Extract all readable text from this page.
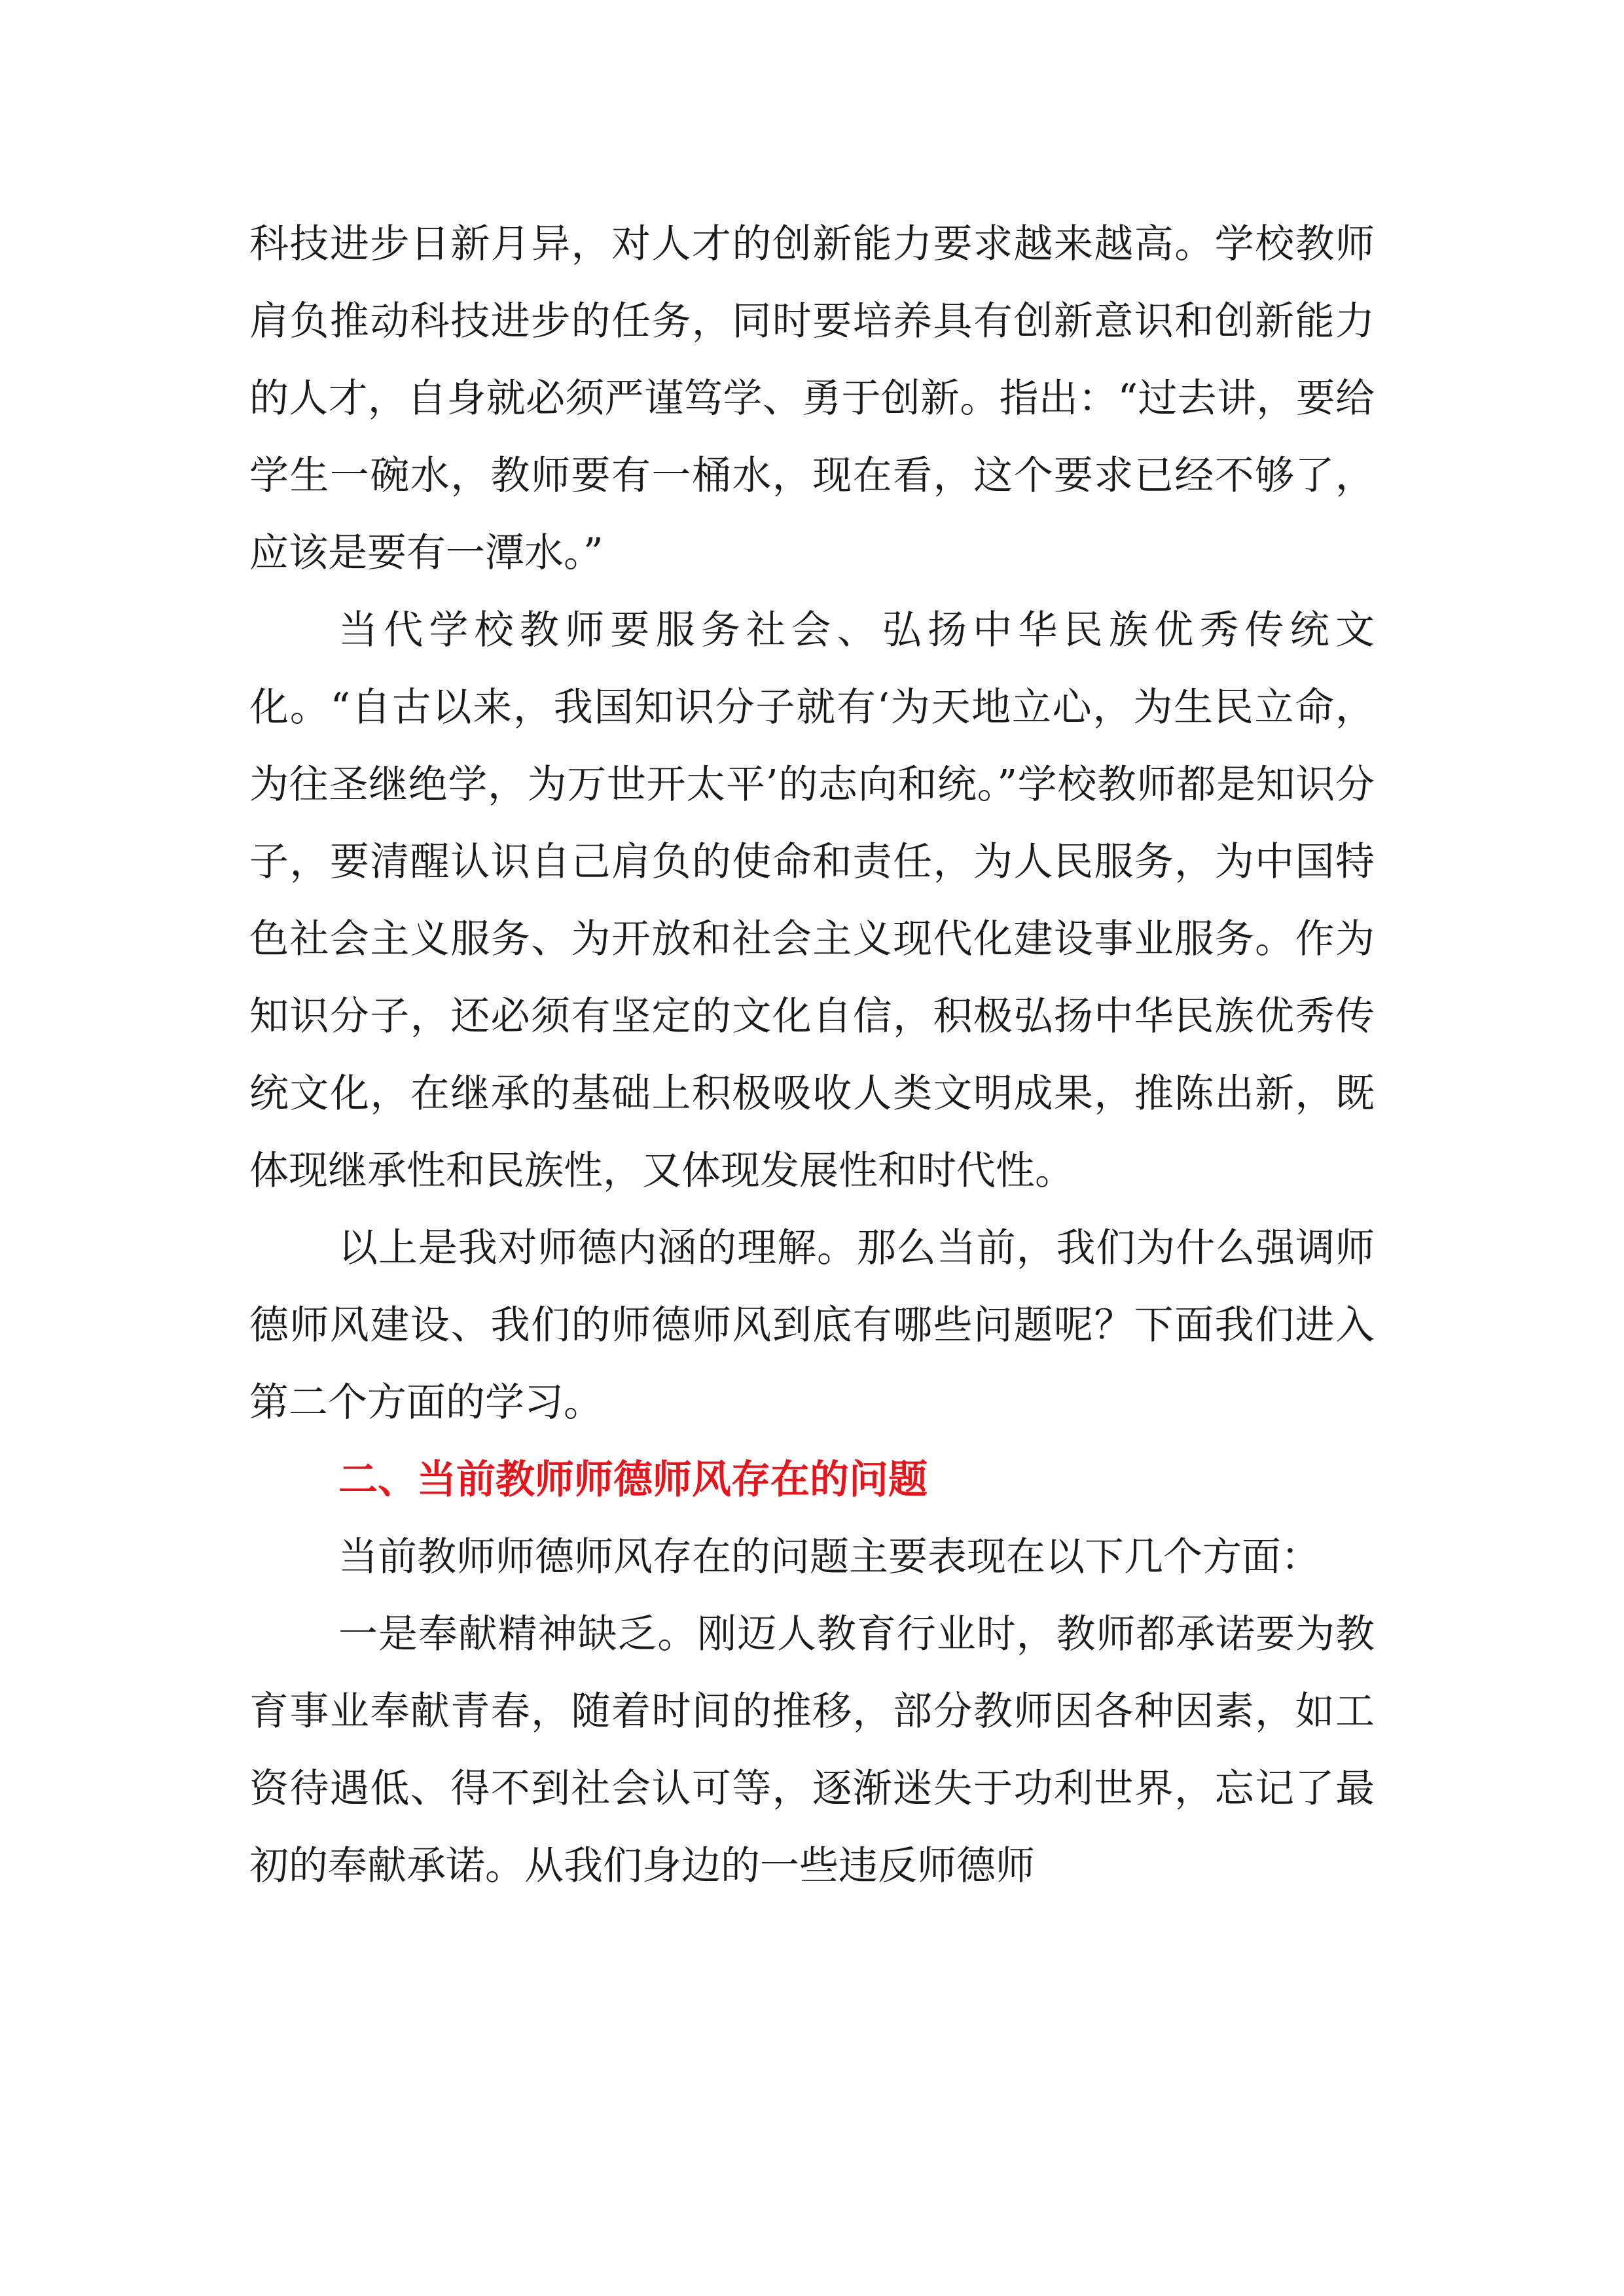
科技进步日新月异，对人才的创新能力要求越来越高。学校教师肩负推动科技进步的任务，同时要培养具有创新意识和创新能力的人才，自身就必须严谨笃学、勇于创新。指出：“过去讲，要给学生一碗水，教师要有一桶水，现在看，这个要求已经不够了，应该是要有一潭水。”

当代学校教师要服务社会、弘扬中华民族优秀传统文化。“自古以来，我国知识分子就有‘为天地立心，为生民立命，为往圣继绝学，为万世开太平’的志向和统。”学校教师都是知识分子，要清醒认识自己肩负的使命和责任，为人民服务，为中国特色社会主义服务、为开放和社会主义现代化建设事业服务。作为知识分子，还必须有坚定的文化自信，积极弘扬中华民族优秀传统文化，在继承的基础上积极吸收人类文明成果，推陈出新，既体现继承性和民族性，又体现发展性和时代性。

以上是我对师德内涵的理解。那么当前，我们为什么强调师德师风建设、我们的师德师风到底有哪些问题呢？下面我们进入第二个方面的学习。

二、当前教师师德师风存在的问题

当前教师师德师风存在的问题主要表现在以下几个方面：

一是奉献精神缺乏。刚迈人教育行业时，教师都承诺要为教育事业奉献青春，随着时间的推移，部分教师因各种因素，如工资待遇低、得不到社会认可等，逐渐迷失于功利世界，忘记了最初的奉献承诺。从我们身边的一些违反师德师
